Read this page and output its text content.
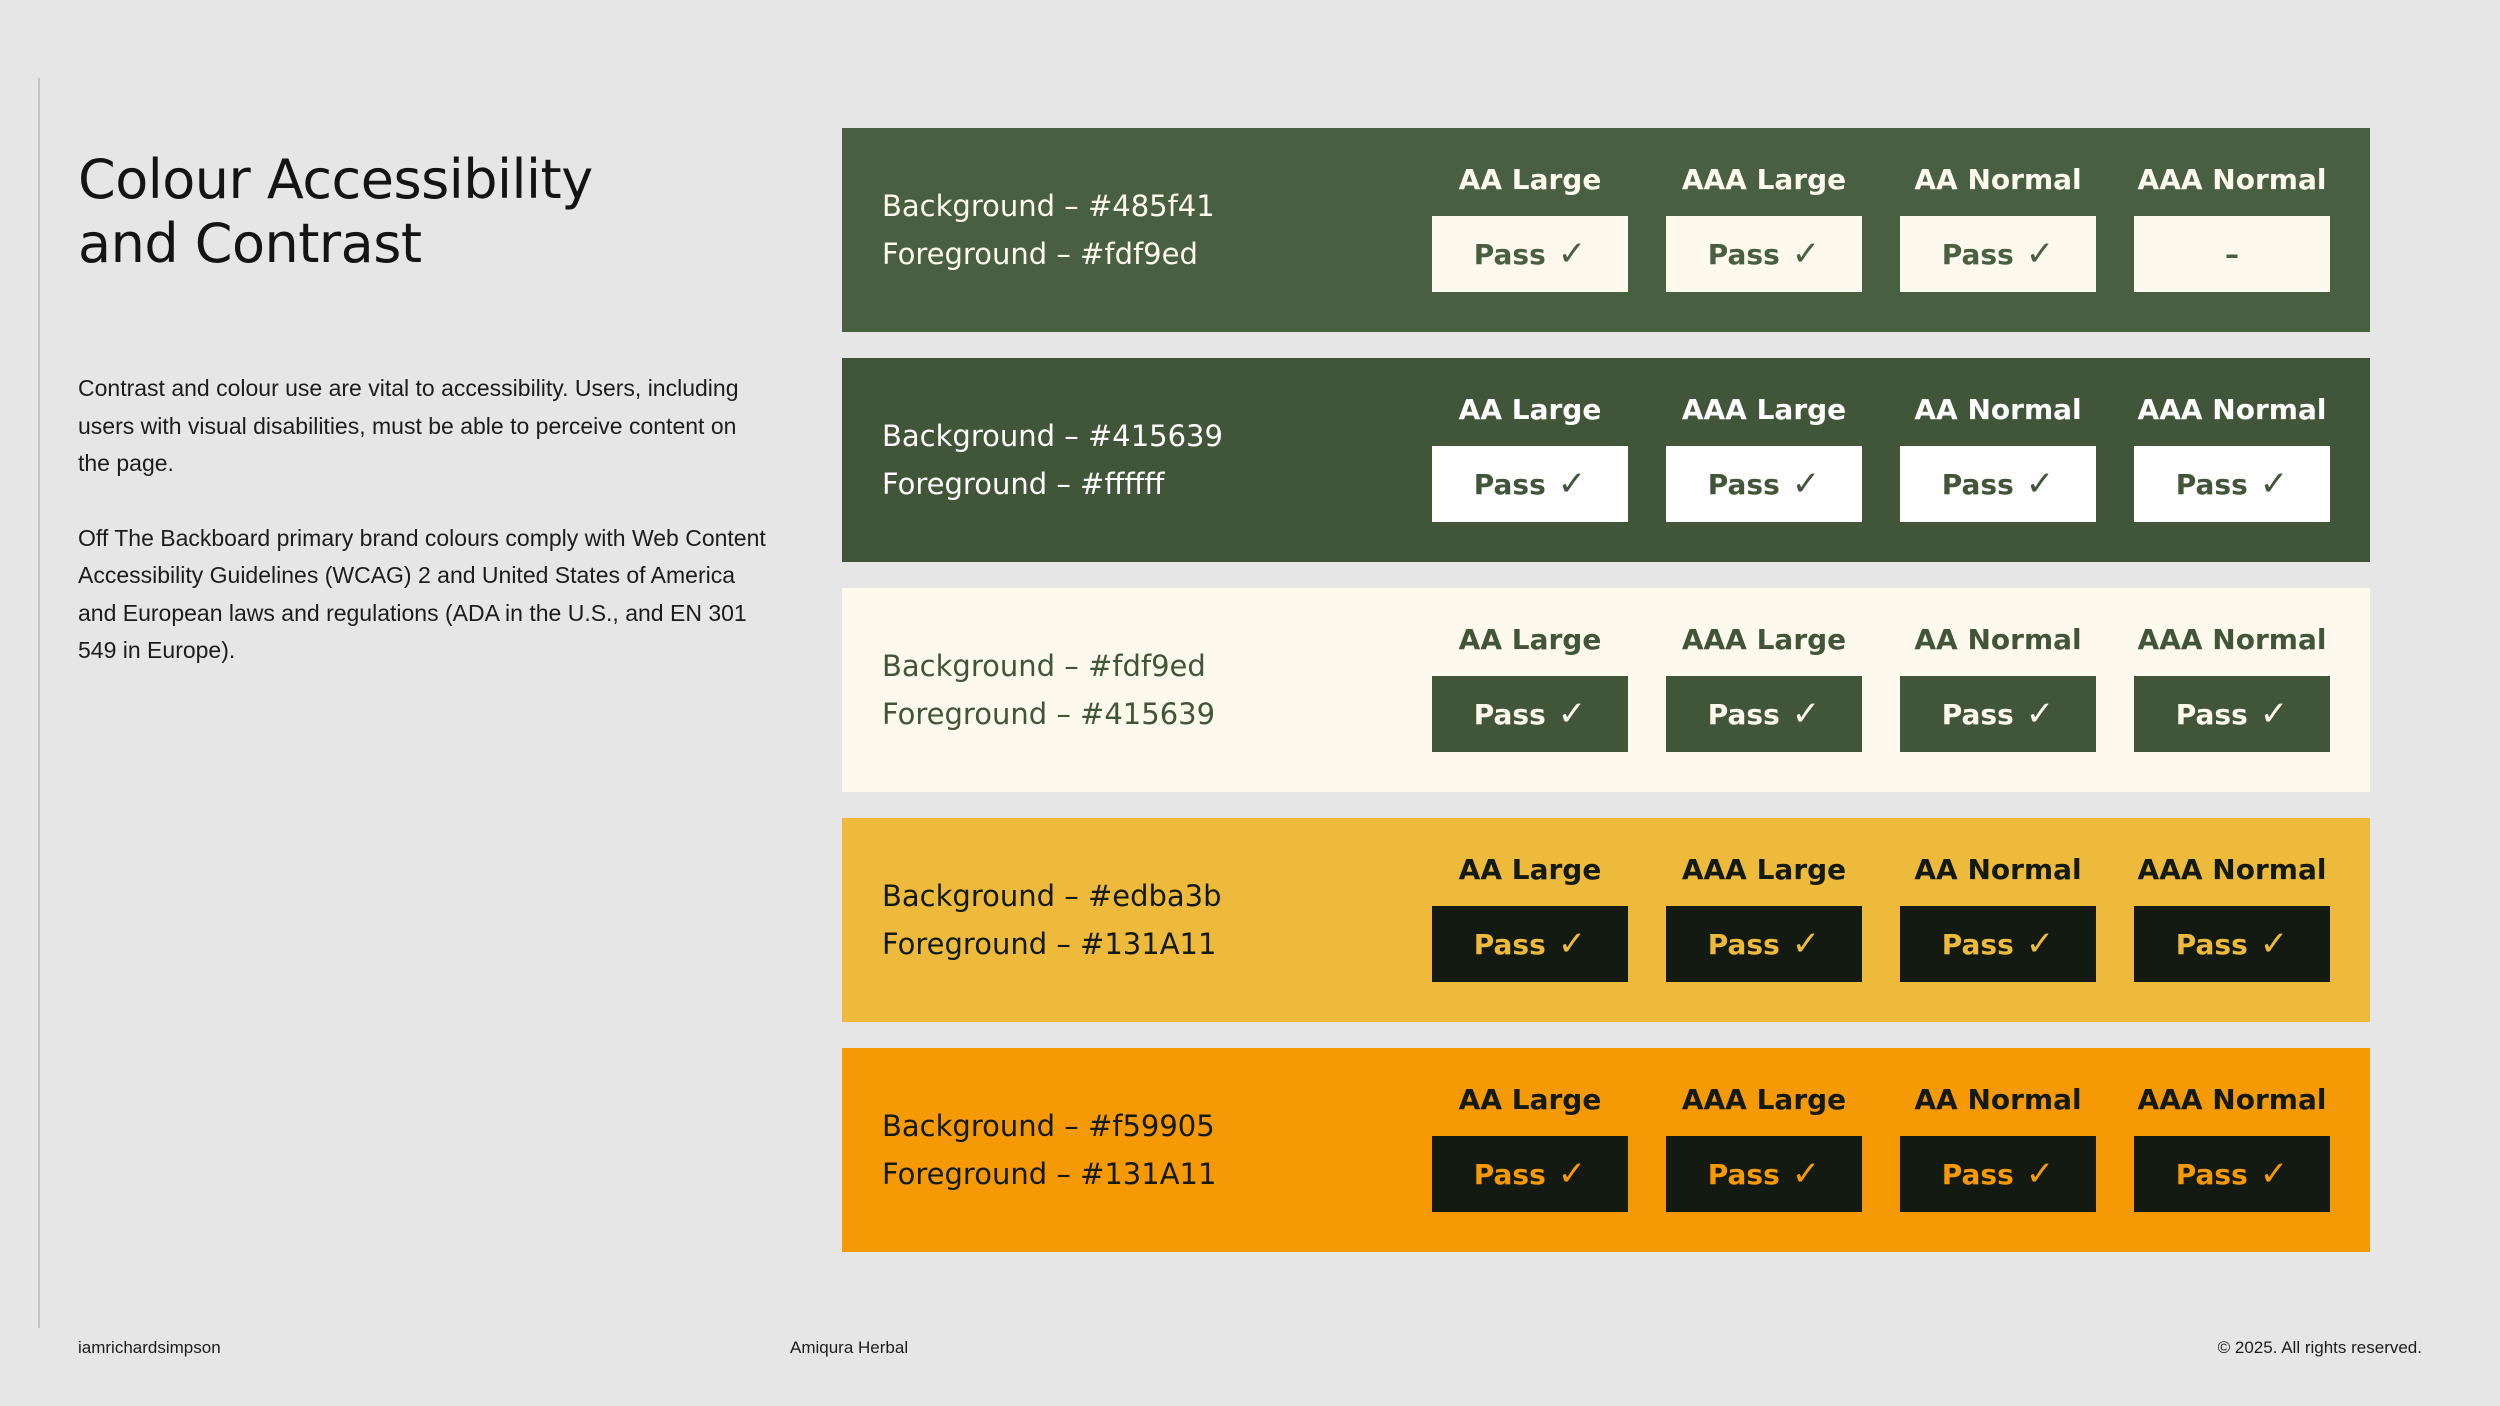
Colour Accessibility
and Contrast

Contrast and colour use are vital to accessibility. Users, including users with visual disabilities, must be able to perceive content on the page.

Off The Backboard primary brand colours comply with Web Content Accessibility Guidelines (WCAG) 2 and United States of America and European laws and regulations (ADA in the U.S., and EN 301 549 in Europe).

Background – #485f41
Foreground – #fdf9ed
AA Large
Pass ✓
AAA Large
Pass ✓
AA Normal
Pass ✓
AAA Normal
–
Background – #415639
Foreground – #ffffff
AA Large
Pass ✓
AAA Large
Pass ✓
AA Normal
Pass ✓
AAA Normal
Pass ✓
Background – #fdf9ed
Foreground – #415639
AA Large
Pass ✓
AAA Large
Pass ✓
AA Normal
Pass ✓
AAA Normal
Pass ✓
Background – #edba3b
Foreground – #131A11
AA Large
Pass ✓
AAA Large
Pass ✓
AA Normal
Pass ✓
AAA Normal
Pass ✓
Background – #f59905
Foreground – #131A11
AA Large
Pass ✓
AAA Large
Pass ✓
AA Normal
Pass ✓
AAA Normal
Pass ✓
iamrichardsimpson	Amiqura Herbal	© 2025. All rights reserved.
